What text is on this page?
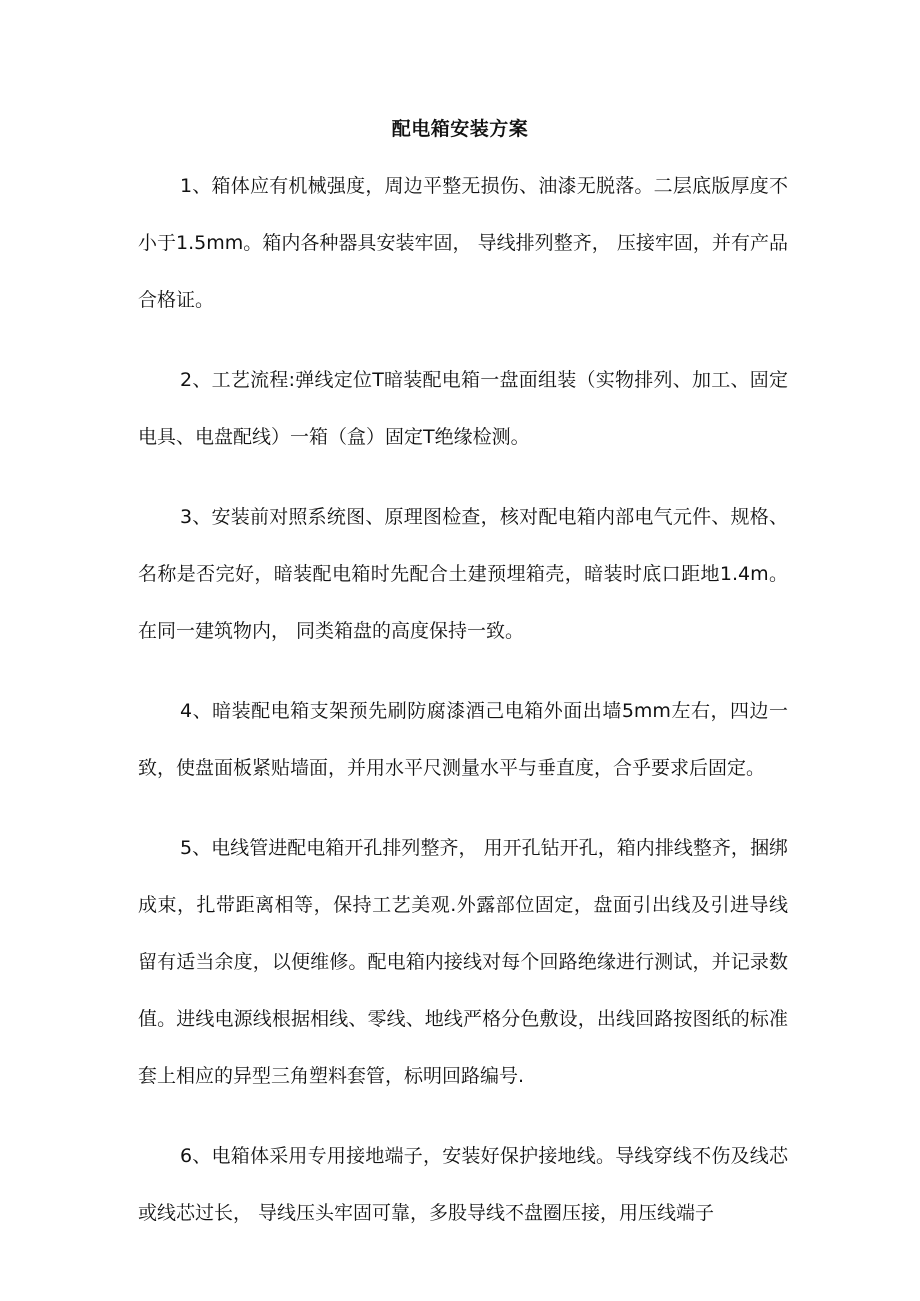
配电箱安装方案

1、箱体应有机械强度，周边平整无损伤、油漆无脱落。二层底版厚度不小于1.5mm。箱内各种器具安装牢固， 导线排列整齐， 压接牢固，并有产品合格证。

2、工艺流程:弹线定位T暗装配电箱一盘面组装（实物排列、加工、固定电具、电盘配线）一箱（盒）固定T绝缘检测。

3、安装前对照系统图、原理图检查，核对配电箱内部电气元件、规格、名称是否完好，暗装配电箱时先配合土建预埋箱壳，暗装时底口距地1.4m。在同一建筑物内， 同类箱盘的高度保持一致。

4、暗装配电箱支架预先刷防腐漆酒己电箱外面出墙5mm左右，四边一致，使盘面板紧贴墙面，并用水平尺测量水平与垂直度，合乎要求后固定。

5、电线管进配电箱开孔排列整齐， 用开孔钻开孔，箱内排线整齐，捆绑成束，扎带距离相等，保持工艺美观.外露部位固定，盘面引出线及引进导线留有适当余度，以便维修。配电箱内接线对每个回路绝缘进行测试，并记录数值。进线电源线根据相线、零线、地线严格分色敷设，出线回路按图纸的标准套上相应的异型三角塑料套管，标明回路编号.

6、电箱体采用专用接地端子，安装好保护接地线。导线穿线不伤及线芯或线芯过长， 导线压头牢固可靠，多股导线不盘圈压接，用压线端子
